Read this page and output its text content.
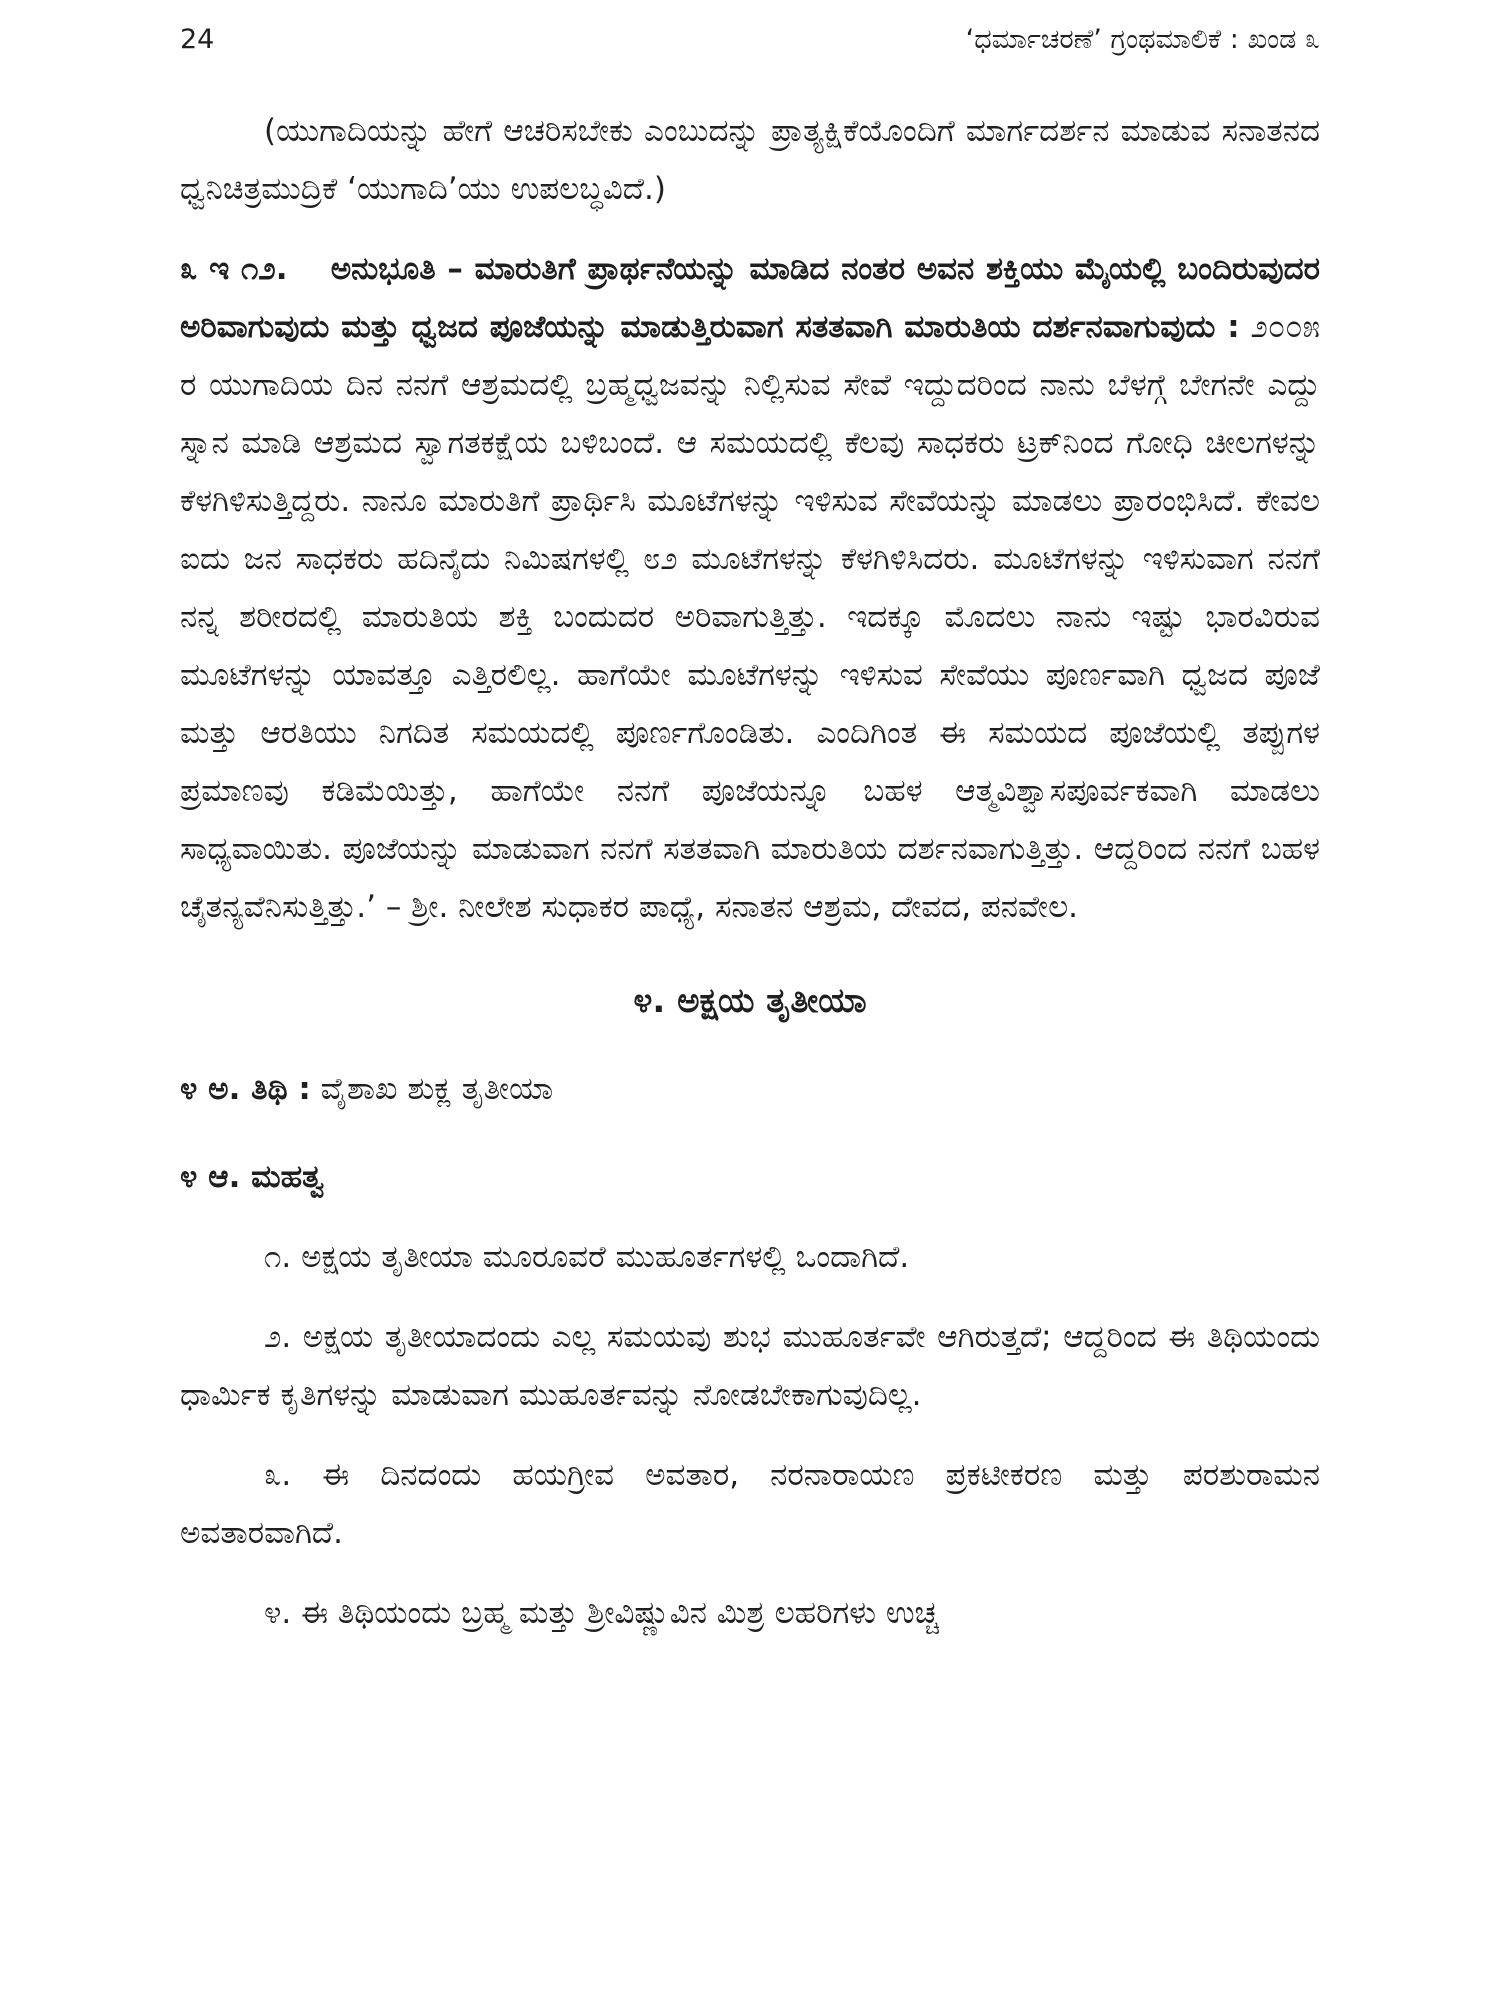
24	‘ಧರ್ಮಾಚರಣೆ’ ಗ್ರಂಥಮಾಲಿಕೆ : ಖಂಡ ೩

(ಯುಗಾದಿಯನ್ನು ಹೇಗೆ ಆಚರಿಸಬೇಕು ಎಂಬುದನ್ನು ಪ್ರಾತ್ಯಕ್ಷಿಕೆಯೊಂದಿಗೆ ಮಾರ್ಗದರ್ಶನ ಮಾಡುವ ಸನಾತನದ ಧ್ವನಿಚಿತ್ರಮುದ್ರಿಕೆ ‘ಯುಗಾದಿ’ಯು ಉಪಲಬ್ಧವಿದೆ.)

೩ ಇ ೧೨. ಅನುಭೂತಿ – ಮಾರುತಿಗೆ ಪ್ರಾರ್ಥನೆಯನ್ನು ಮಾಡಿದ ನಂತರ ಅವನ ಶಕ್ತಿಯು ಮೈಯಲ್ಲಿ ಬಂದಿರುವುದರ ಅರಿವಾಗುವುದು ಮತ್ತು ಧ್ವಜದ ಪೂಜೆಯನ್ನು ಮಾಡುತ್ತಿರುವಾಗ ಸತತವಾಗಿ ಮಾರುತಿಯ ದರ್ಶನವಾಗುವುದು : ೨೦೦೫ ರ ಯುಗಾದಿಯ ದಿನ ನನಗೆ ಆಶ್ರಮದಲ್ಲಿ ಬ್ರಹ್ಮಧ್ವಜವನ್ನು ನಿಲ್ಲಿಸುವ ಸೇವೆ ಇದ್ದುದರಿಂದ ನಾನು ಬೆಳಗ್ಗೆ ಬೇಗನೇ ಎದ್ದು ಸ್ನಾನ ಮಾಡಿ ಆಶ್ರಮದ ಸ್ವಾಗತಕಕ್ಷೆಯ ಬಳಿಬಂದೆ. ಆ ಸಮಯದಲ್ಲಿ ಕೆಲವು ಸಾಧಕರು ಟ್ರಕ್‌ನಿಂದ ಗೋಧಿ ಚೀಲಗಳನ್ನು ಕೆಳಗಿಳಿಸುತ್ತಿದ್ದರು. ನಾನೂ ಮಾರುತಿಗೆ ಪ್ರಾರ್ಥಿಸಿ ಮೂಟೆಗಳನ್ನು ಇಳಿಸುವ ಸೇವೆಯನ್ನು ಮಾಡಲು ಪ್ರಾರಂಭಿಸಿದೆ. ಕೇವಲ ಐದು ಜನ ಸಾಧಕರು ಹದಿನೈದು ನಿಮಿಷಗಳಲ್ಲಿ ೮೨ ಮೂಟೆಗಳನ್ನು ಕೆಳಗಿಳಿಸಿದರು. ಮೂಟೆಗಳನ್ನು ಇಳಿಸುವಾಗ ನನಗೆ ನನ್ನ ಶರೀರದಲ್ಲಿ ಮಾರುತಿಯ ಶಕ್ತಿ ಬಂದುದರ ಅರಿವಾಗುತ್ತಿತ್ತು. ಇದಕ್ಕೂ ಮೊದಲು ನಾನು ಇಷ್ಟು ಭಾರವಿರುವ ಮೂಟೆಗಳನ್ನು ಯಾವತ್ತೂ ಎತ್ತಿರಲಿಲ್ಲ. ಹಾಗೆಯೇ ಮೂಟೆಗಳನ್ನು ಇಳಿಸುವ ಸೇವೆಯು ಪೂರ್ಣವಾಗಿ ಧ್ವಜದ ಪೂಜೆ ಮತ್ತು ಆರತಿಯು ನಿಗದಿತ ಸಮಯದಲ್ಲಿ ಪೂರ್ಣಗೊಂಡಿತು. ಎಂದಿಗಿಂತ ಈ ಸಮಯದ ಪೂಜೆಯಲ್ಲಿ ತಪ್ಪುಗಳ ಪ್ರಮಾಣವು ಕಡಿಮೆಯಿತ್ತು, ಹಾಗೆಯೇ ನನಗೆ ಪೂಜೆಯನ್ನೂ ಬಹಳ ಆತ್ಮವಿಶ್ವಾಸಪೂರ್ವಕವಾಗಿ ಮಾಡಲು ಸಾಧ್ಯವಾಯಿತು. ಪೂಜೆಯನ್ನು ಮಾಡುವಾಗ ನನಗೆ ಸತತವಾಗಿ ಮಾರುತಿಯ ದರ್ಶನವಾಗುತ್ತಿತ್ತು. ಆದ್ದರಿಂದ ನನಗೆ ಬಹಳ ಚೈತನ್ಯವೆನಿಸುತ್ತಿತ್ತು.’ – ಶ್ರೀ. ನೀಲೇಶ ಸುಧಾಕರ ಪಾಧ್ಯೆ, ಸನಾತನ ಆಶ್ರಮ, ದೇವದ, ಪನವೇಲ.

೪. ಅಕ್ಷಯ ತೃತೀಯಾ

೪ ಅ. ತಿಥಿ : ವೈಶಾಖ ಶುಕ್ಲ ತೃತೀಯಾ

೪ ಆ. ಮಹತ್ವ

೧. ಅಕ್ಷಯ ತೃತೀಯಾ ಮೂರೂವರೆ ಮುಹೂರ್ತಗಳಲ್ಲಿ ಒಂದಾಗಿದೆ.

೨. ಅಕ್ಷಯ ತೃತೀಯಾದಂದು ಎಲ್ಲ ಸಮಯವು ಶುಭ ಮುಹೂರ್ತವೇ ಆಗಿರುತ್ತದೆ; ಆದ್ದರಿಂದ ಈ ತಿಥಿಯಂದು ಧಾರ್ಮಿಕ ಕೃತಿಗಳನ್ನು ಮಾಡುವಾಗ ಮುಹೂರ್ತವನ್ನು ನೋಡಬೇಕಾಗುವುದಿಲ್ಲ.

೩. ಈ ದಿನದಂದು ಹಯಗ್ರೀವ ಅವತಾರ, ನರನಾರಾಯಣ ಪ್ರಕಟೀಕರಣ ಮತ್ತು ಪರಶುರಾಮನ ಅವತಾರವಾಗಿದೆ.

೪. ಈ ತಿಥಿಯಂದು ಬ್ರಹ್ಮ ಮತ್ತು ಶ್ರೀವಿಷ್ಣುವಿನ ಮಿಶ್ರ ಲಹರಿಗಳು ಉಚ್ಚ
